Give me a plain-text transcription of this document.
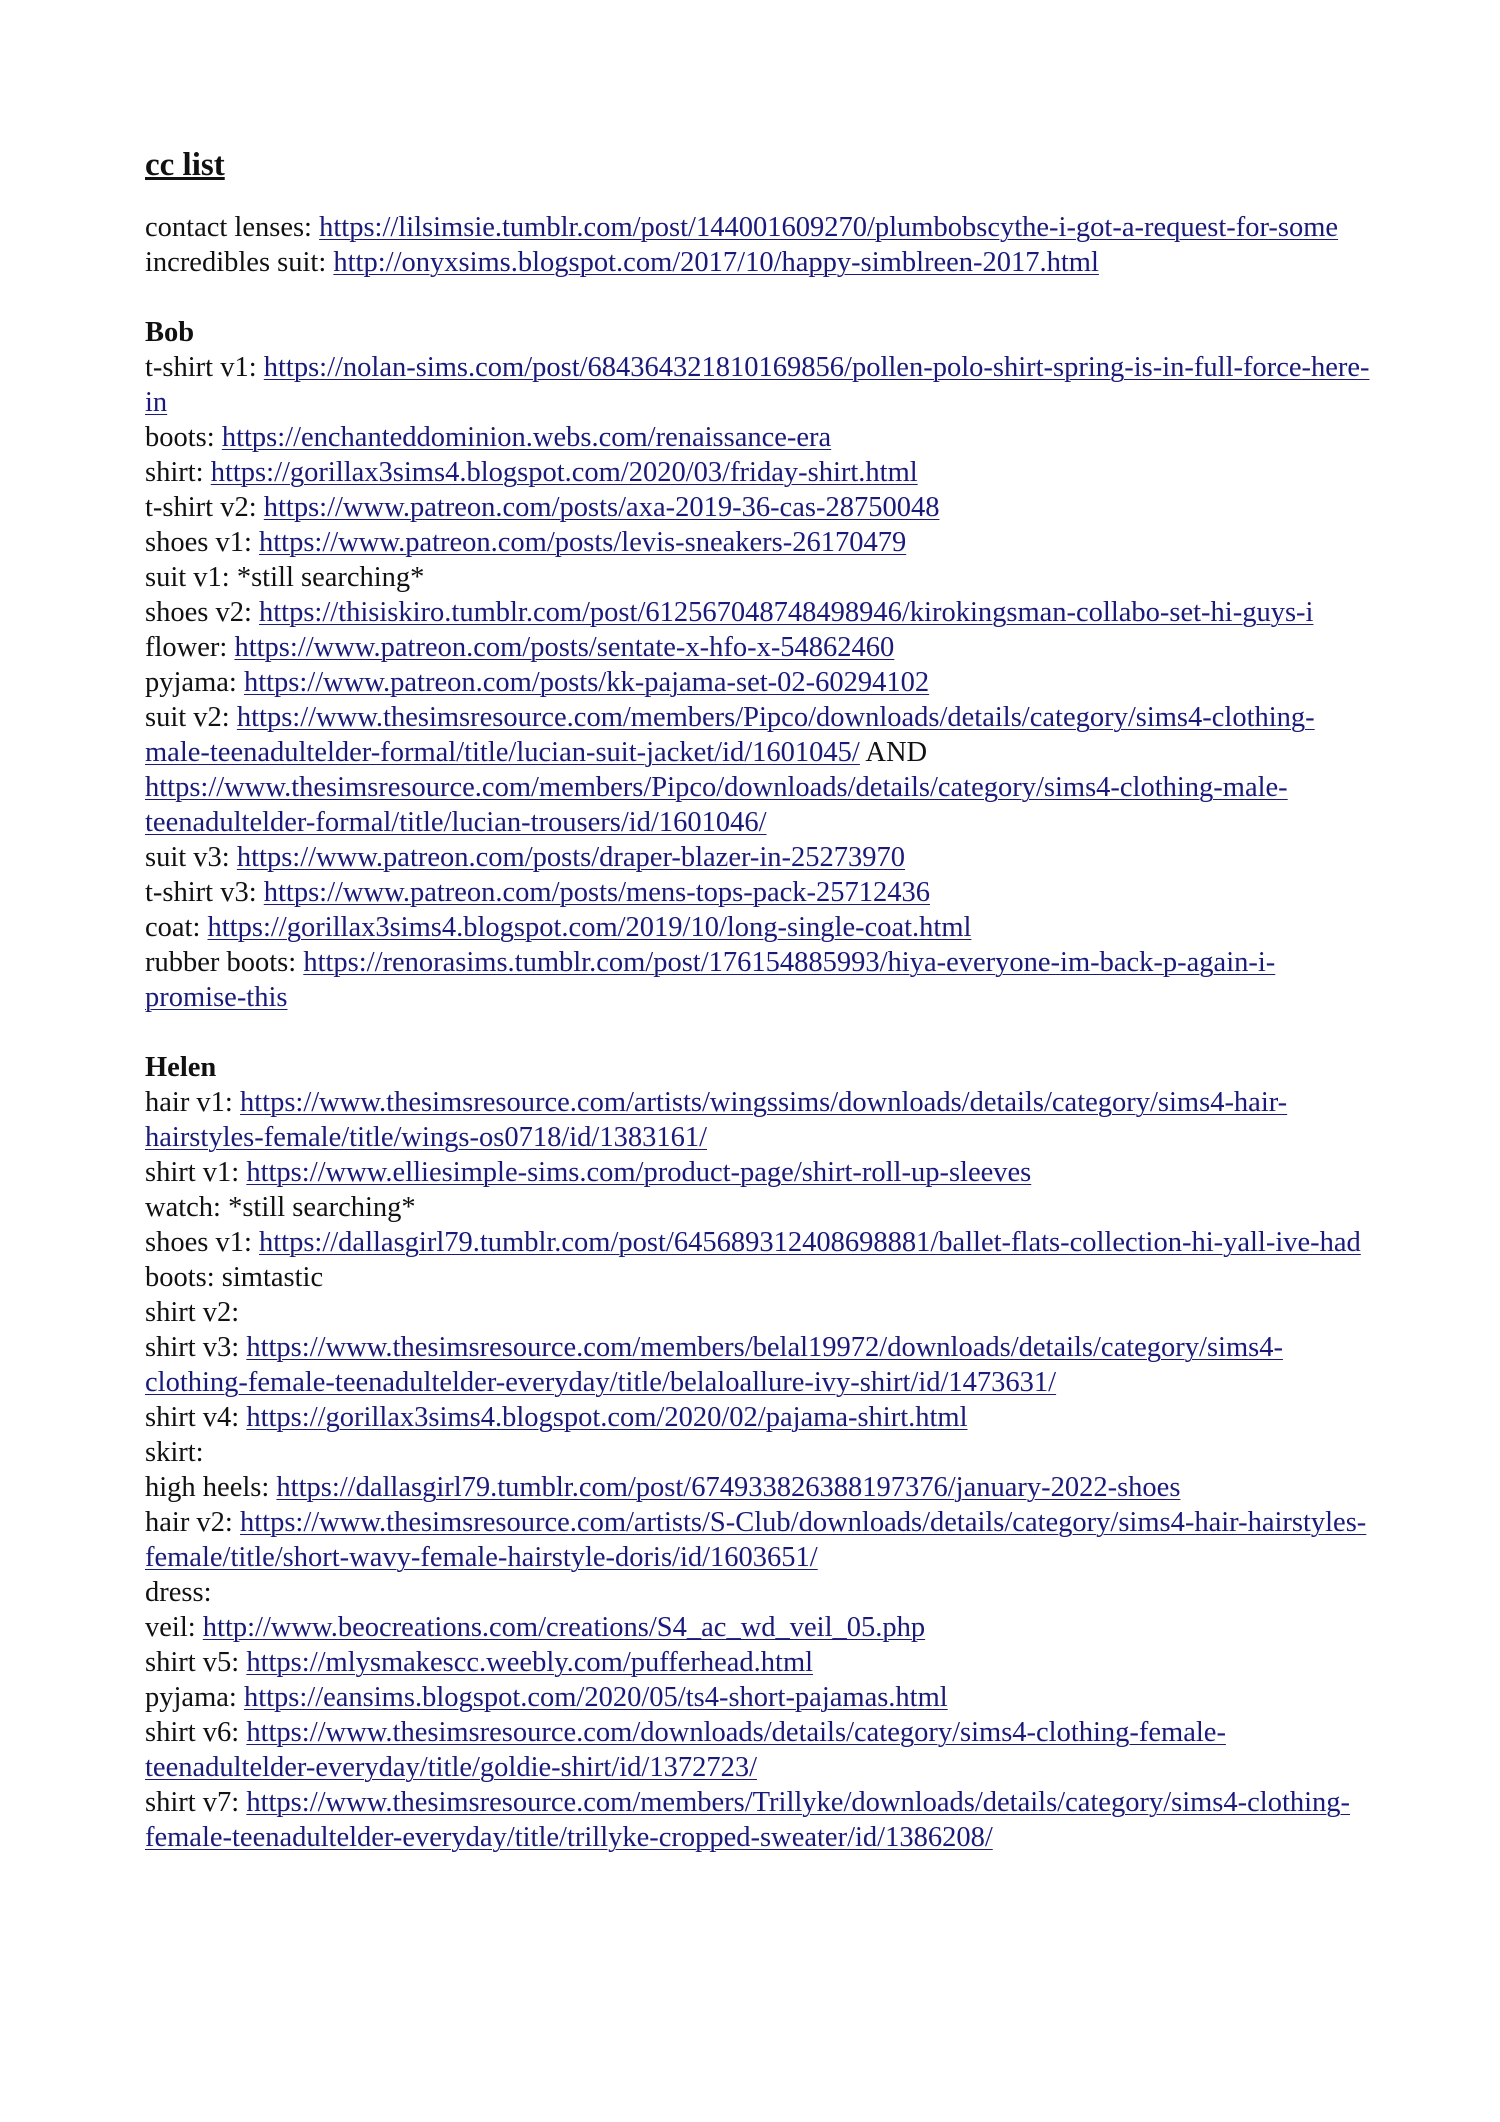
cc list
contact lenses: https://lilsimsie.tumblr.com/post/144001609270/plumbobscythe-i-got-a-request-for-some
incredibles suit: http://onyxsims.blogspot.com/2017/10/happy-simblreen-2017.html
Bob
t-shirt v1: https://nolan-sims.com/post/684364321810169856/pollen-polo-shirt-spring-is-in-full-force-here-in
boots: https://enchanteddominion.webs.com/renaissance-era
shirt: https://gorillax3sims4.blogspot.com/2020/03/friday-shirt.html
t-shirt v2: https://www.patreon.com/posts/axa-2019-36-cas-28750048
shoes v1: https://www.patreon.com/posts/levis-sneakers-26170479
suit v1: *still searching*
shoes v2: https://thisiskiro.tumblr.com/post/612567048748498946/kirokingsman-collabo-set-hi-guys-i
flower: https://www.patreon.com/posts/sentate-x-hfo-x-54862460
pyjama: https://www.patreon.com/posts/kk-pajama-set-02-60294102
suit v2: https://www.thesimsresource.com/members/Pipco/downloads/details/category/sims4-clothing-male-teenadultelder-formal/title/lucian-suit-jacket/id/1601045/ AND
https://www.thesimsresource.com/members/Pipco/downloads/details/category/sims4-clothing-male-teenadultelder-formal/title/lucian-trousers/id/1601046/
suit v3: https://www.patreon.com/posts/draper-blazer-in-25273970
t-shirt v3: https://www.patreon.com/posts/mens-tops-pack-25712436
coat: https://gorillax3sims4.blogspot.com/2019/10/long-single-coat.html
rubber boots: https://renorasims.tumblr.com/post/176154885993/hiya-everyone-im-back-p-again-i-promise-this
Helen
hair v1: https://www.thesimsresource.com/artists/wingssims/downloads/details/category/sims4-hair-hairstyles-female/title/wings-os0718/id/1383161/
shirt v1: https://www.elliesimple-sims.com/product-page/shirt-roll-up-sleeves
watch: *still searching*
shoes v1: https://dallasgirl79.tumblr.com/post/645689312408698881/ballet-flats-collection-hi-yall-ive-had
boots: simtastic
shirt v2:
shirt v3: https://www.thesimsresource.com/members/belal19972/downloads/details/category/sims4-clothing-female-teenadultelder-everyday/title/belaloallure-ivy-shirt/id/1473631/
shirt v4: https://gorillax3sims4.blogspot.com/2020/02/pajama-shirt.html
skirt:
high heels: https://dallasgirl79.tumblr.com/post/674933826388197376/january-2022-shoes
hair v2: https://www.thesimsresource.com/artists/S-Club/downloads/details/category/sims4-hair-hairstyles-female/title/short-wavy-female-hairstyle-doris/id/1603651/
dress:
veil: http://www.beocreations.com/creations/S4_ac_wd_veil_05.php
shirt v5: https://mlysmakescc.weebly.com/pufferhead.html
pyjama: https://eansims.blogspot.com/2020/05/ts4-short-pajamas.html
shirt v6: https://www.thesimsresource.com/downloads/details/category/sims4-clothing-female-teenadultelder-everyday/title/goldie-shirt/id/1372723/
shirt v7: https://www.thesimsresource.com/members/Trillyke/downloads/details/category/sims4-clothing-female-teenadultelder-everyday/title/trillyke-cropped-sweater/id/1386208/
